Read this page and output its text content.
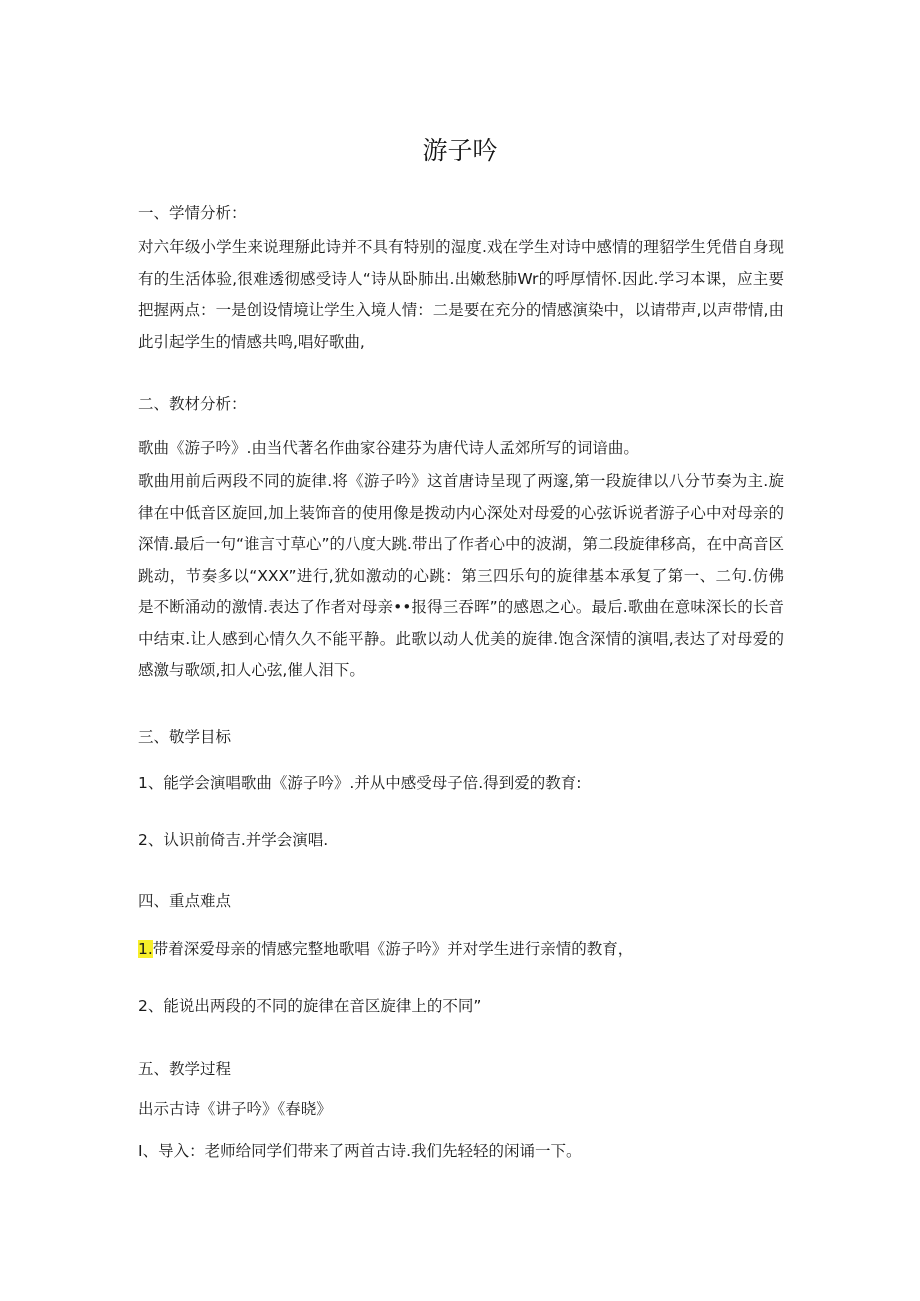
游子吟
一、学情分析：
对六年级小学生来说理掰此诗并不具有特别的湿度.戏在学生对诗中感情的理貂学生凭借自身现有的生活体验,很难透彻感受诗人“诗从卧肺出.出嫩愁肺Wr的呼厚情怀.因此.学习本课，应主要把握两点：一是创设情境让学生入境人情：二是要在充分的情感演染中，以请带声,以声带情,由此引起学生的情感共鸣,唱好歌曲,
二、教材分析：
歌曲《游子吟》.由当代著名作曲家谷建芬为唐代诗人孟郊所写的词谙曲。
歌曲用前后两段不同的旋律.将《游子吟》这首唐诗呈现了两邃,第一段旋律以八分节奏为主.旋律在中低音区旋回,加上装饰音的使用像是拨动内心深处对母爱的心弦诉说者游子心中对母亲的深情.最后一句“谁言寸草心”的八度大跳.带出了作者心中的波湖，第二段旋律移高，在中高音区跳动，节奏多以“XXX”进行,犹如激动的心跳：第三四乐句的旋律基本承复了第一、二句.仿佛是不断涌动的激情.表达了作者对母亲••报得三吞晖”的感恩之心。最后.歌曲在意味深长的长音中结束.让人感到心情久久不能平静。此歌以动人优美的旋律.饱含深情的演唱,表达了对母爱的感激与歌颂,扣人心弦,催人泪下。
三、敬学目标
1、能学会演唱歌曲《游子吟》.并从中感受母子倍.得到爱的教育:
2、认识前倚吉.并学会演唱.
四、重点难点
1.带着深爱母亲的情感完整地歌唱《游子吟》并对学生进行亲情的教育，
2、能说出两段的不同的旋律在音区旋律上的不同”
五、教学过程
出示古诗《讲子吟》《春晓》
I、导入：老师给同学们带来了两首古诗.我们先轻轻的闲诵一下。
